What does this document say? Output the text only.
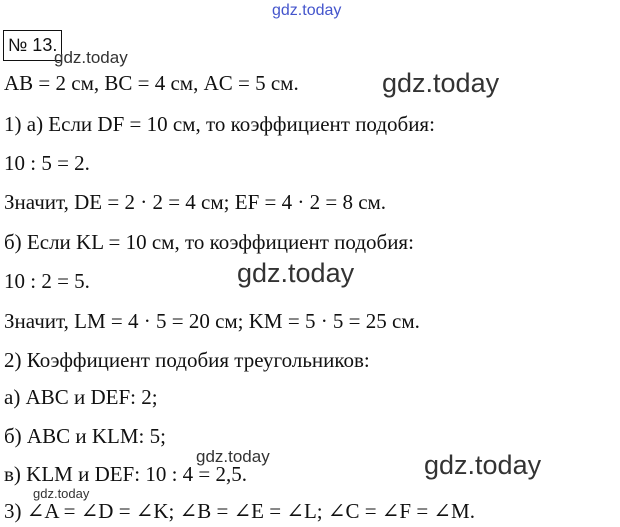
gdz.today
№ 13.
gdz.today
AB = 2 см, BC = 4 см, AC = 5 см.	gdz.today
1) а) Если DF = 10 см, то коэффициент подобия:
10 : 5 = 2.
Значит, DE = 2 · 2 = 4 см; EF = 4 · 2 = 8 см.
б) Если KL = 10 см, то коэффициент подобия:
10 : 2 = 5.	gdz.today
Значит, LM = 4 · 5 = 20 см; KM = 5 · 5 = 25 см.
2) Коэффициент подобия треугольников:
а) ABC и DEF: 2;
б) ABC и KLM: 5;
gdz.today
в) KLM и DEF: 10 : 4 = 2,5.	gdz.today
gdz.today
3) ∠A = ∠D = ∠K; ∠B = ∠E = ∠L; ∠C = ∠F = ∠M.
